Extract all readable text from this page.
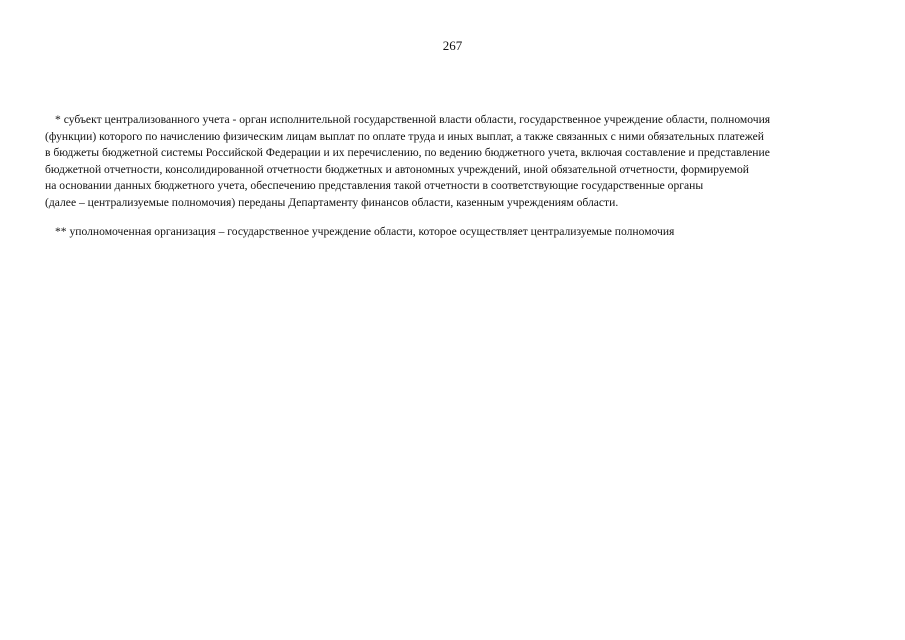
267
* субъект централизованного учета - орган исполнительной государственной власти области, государственное учреждение области, полномочия
(функции) которого по начислению физическим лицам выплат по оплате труда и иных выплат, а также связанных с ними обязательных платежей
в бюджеты бюджетной системы Российской Федерации и их перечислению, по ведению бюджетного учета, включая составление и представление
бюджетной отчетности, консолидированной отчетности бюджетных и автономных учреждений, иной обязательной отчетности, формируемой
на основании данных бюджетного учета, обеспечению представления такой отчетности в соответствующие государственные органы
(далее – централизуемые полномочия) переданы Департаменту финансов области, казенным учреждениям области.
** уполномоченная организация – государственное учреждение области, которое осуществляет централизуемые полномочия
